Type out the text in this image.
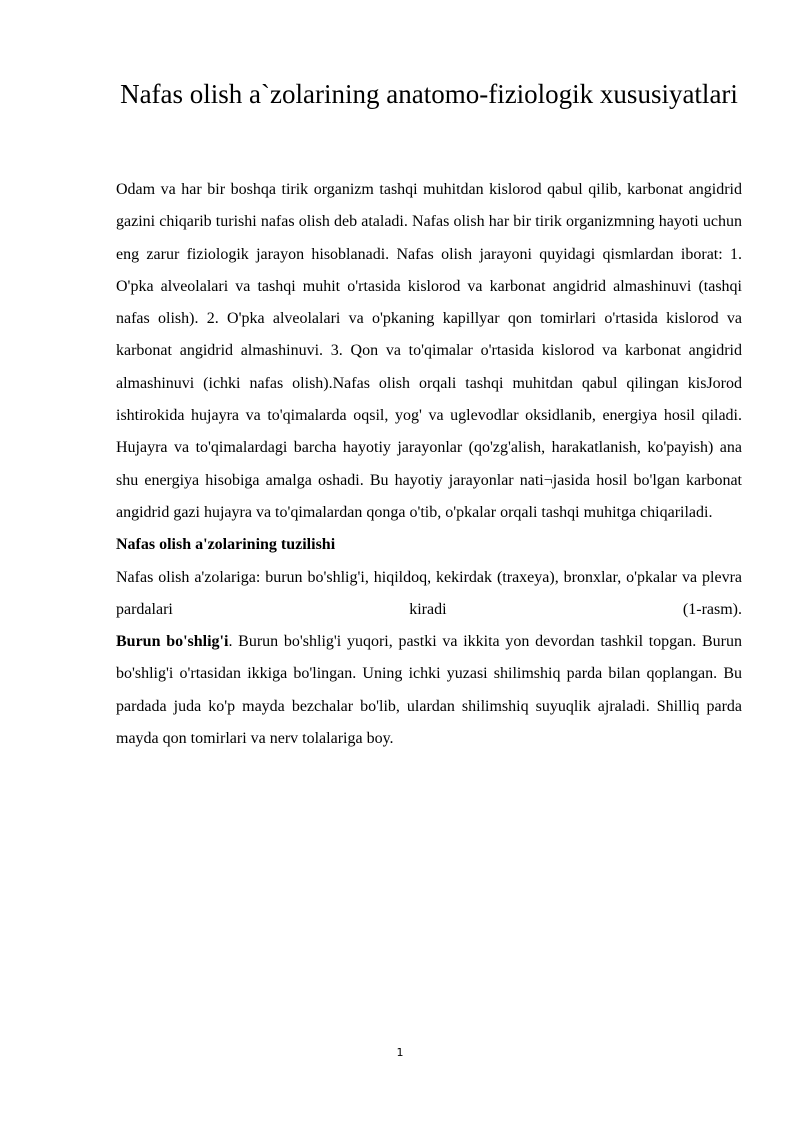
Nafas olish a`zolarining anatomo-fiziologik xususiyatlari

Odam va har bir boshqa tirik organizm tashqi muhitdan kislorod qabul qilib, karbonat angidrid gazini chiqarib turishi nafas olish deb ataladi. Nafas olish har bir tirik organizmning hayoti uchun eng zarur fiziologik jarayon hisoblanadi. Nafas olish jarayoni quyidagi qismlardan iborat: 1. O'pka alveolalari va tashqi muhit o'rtasida kislorod va karbonat angidrid almashinuvi (tashqi nafas olish). 2. O'pka alveolalari va o'pkaning kapillyar qon tomirlari o'rtasida kislorod va karbonat angidrid almashinuvi. 3. Qon va to'qimalar o'rtasida kislorod va karbonat angidrid almashinuvi (ichki nafas olish).Nafas olish orqali tashqi muhitdan qabul qilingan kisJorod ishtirokida hujayra va to'qimalarda oqsil, yog' va uglevodlar oksidlanib, energiya hosil qiladi. Hujayra va to'qimalardagi barcha hayotiy jarayonlar (qo'zg'alish, harakatlanish, ko'payish) ana shu energiya hisobiga amalga oshadi. Bu hayotiy jarayonlar nati¬jasida hosil bo'lgan karbonat angidrid gazi hujayra va to'qimalardan qonga o'tib, o'pkalar orqali tashqi muhitga chiqariladi.

Nafas olish a'zolarining tuzilishi

Nafas olish a'zolariga: burun bo'shlig'i, hiqildoq, kekirdak (traxeya), bronxlar, o'pkalar va plevra pardalari kiradi (1-rasm).

Burun bo'shlig'i. Burun bo'shlig'i yuqori, pastki va ikkita yon devordan tashkil topgan. Burun bo'shlig'i o'rtasidan ikkiga bo'lingan. Uning ichki yuzasi shilimshiq parda bilan qoplangan. Bu pardada juda ko'p mayda bezchalar bo'lib, ulardan shilimshiq suyuqlik ajraladi. Shilliq parda mayda qon tomirlari va nerv tolalariga boy.

1
